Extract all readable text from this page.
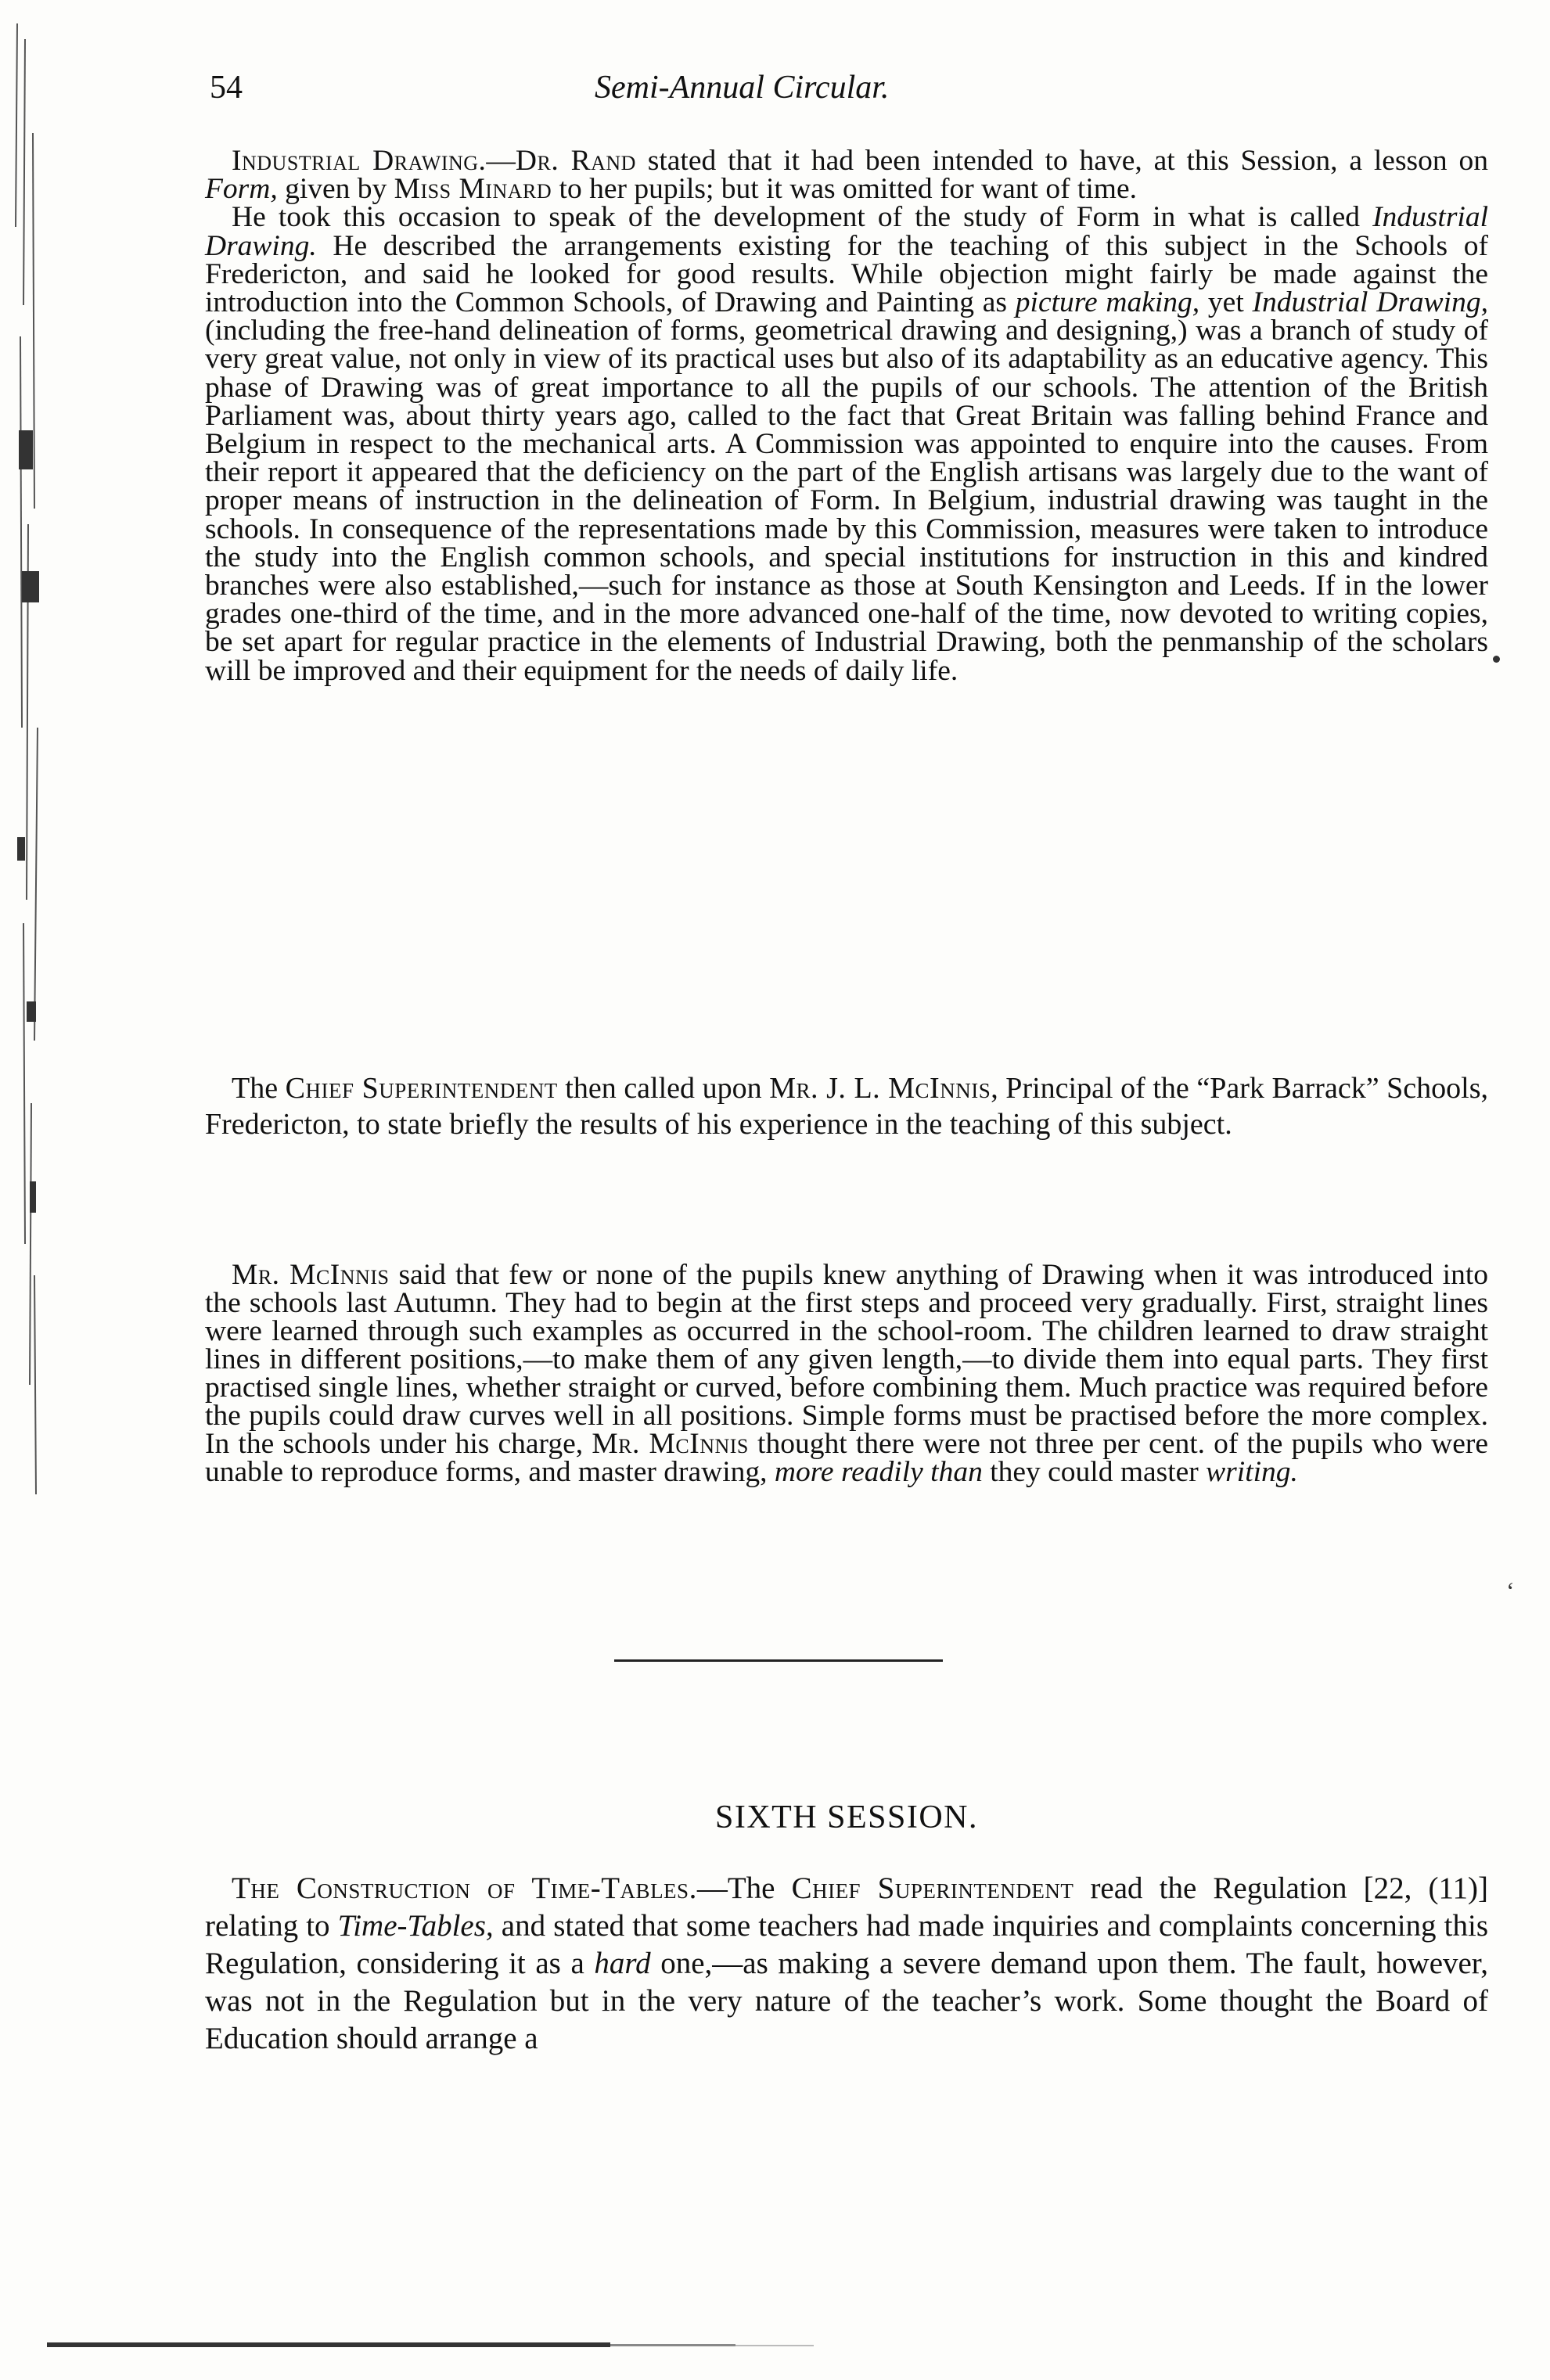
54	Semi-Annual Circular.

Industrial Drawing.—Dr. Rand stated that it had been intended to have, at this Session, a lesson on Form, given by Miss Minard to her pupils; but it was omitted for want of time.

He took this occasion to speak of the development of the study of Form in what is called Industrial Drawing. He described the arrangements existing for the teaching of this subject in the Schools of Fredericton, and said he looked for good results. While objection might fairly be made against the introduction into the Common Schools, of Drawing and Painting as picture making, yet Industrial Drawing, (including the free-hand delineation of forms, geometrical drawing and designing,) was a branch of study of very great value, not only in view of its practical uses but also of its adaptability as an educative agency. This phase of Drawing was of great importance to all the pupils of our schools. The attention of the British Parliament was, about thirty years ago, called to the fact that Great Britain was falling behind France and Belgium in respect to the mechanical arts. A Commission was appointed to enquire into the causes. From their report it appeared that the deficiency on the part of the English artisans was largely due to the want of proper means of instruction in the delineation of Form. In Belgium, industrial drawing was taught in the schools. In consequence of the representations made by this Commission, measures were taken to introduce the study into the English common schools, and special institutions for instruction in this and kindred branches were also established,—such for instance as those at South Kensington and Leeds. If in the lower grades one-third of the time, and in the more advanced one-half of the time, now devoted to writing copies, be set apart for regular practice in the elements of Industrial Drawing, both the penmanship of the scholars will be improved and their equipment for the needs of daily life.

The Chief Superintendent then called upon Mr. J. L. McInnis, Principal of the “Park Barrack” Schools, Fredericton, to state briefly the results of his experience in the teaching of this subject.

Mr. McInnis said that few or none of the pupils knew anything of Drawing when it was introduced into the schools last Autumn. They had to begin at the first steps and proceed very gradually. First, straight lines were learned through such examples as occurred in the school-room. The children learned to draw straight lines in different positions,—to make them of any given length,—to divide them into equal parts. They first practised single lines, whether straight or curved, before combining them. Much practice was required before the pupils could draw curves well in all positions. Simple forms must be practised before the more complex. In the schools under his charge, Mr. McInnis thought there were not three per cent. of the pupils who were unable to reproduce forms, and master drawing, more readily than they could master writing.

SIXTH SESSION.

The Construction of Time-Tables.—The Chief Superintendent read the Regulation [22, (11)] relating to Time-Tables, and stated that some teachers had made inquiries and complaints concerning this Regulation, considering it as a hard one,—as making a severe demand upon them. The fault, however, was not in the Regulation but in the very nature of the teacher’s work. Some thought the Board of Education should arrange a

‘
